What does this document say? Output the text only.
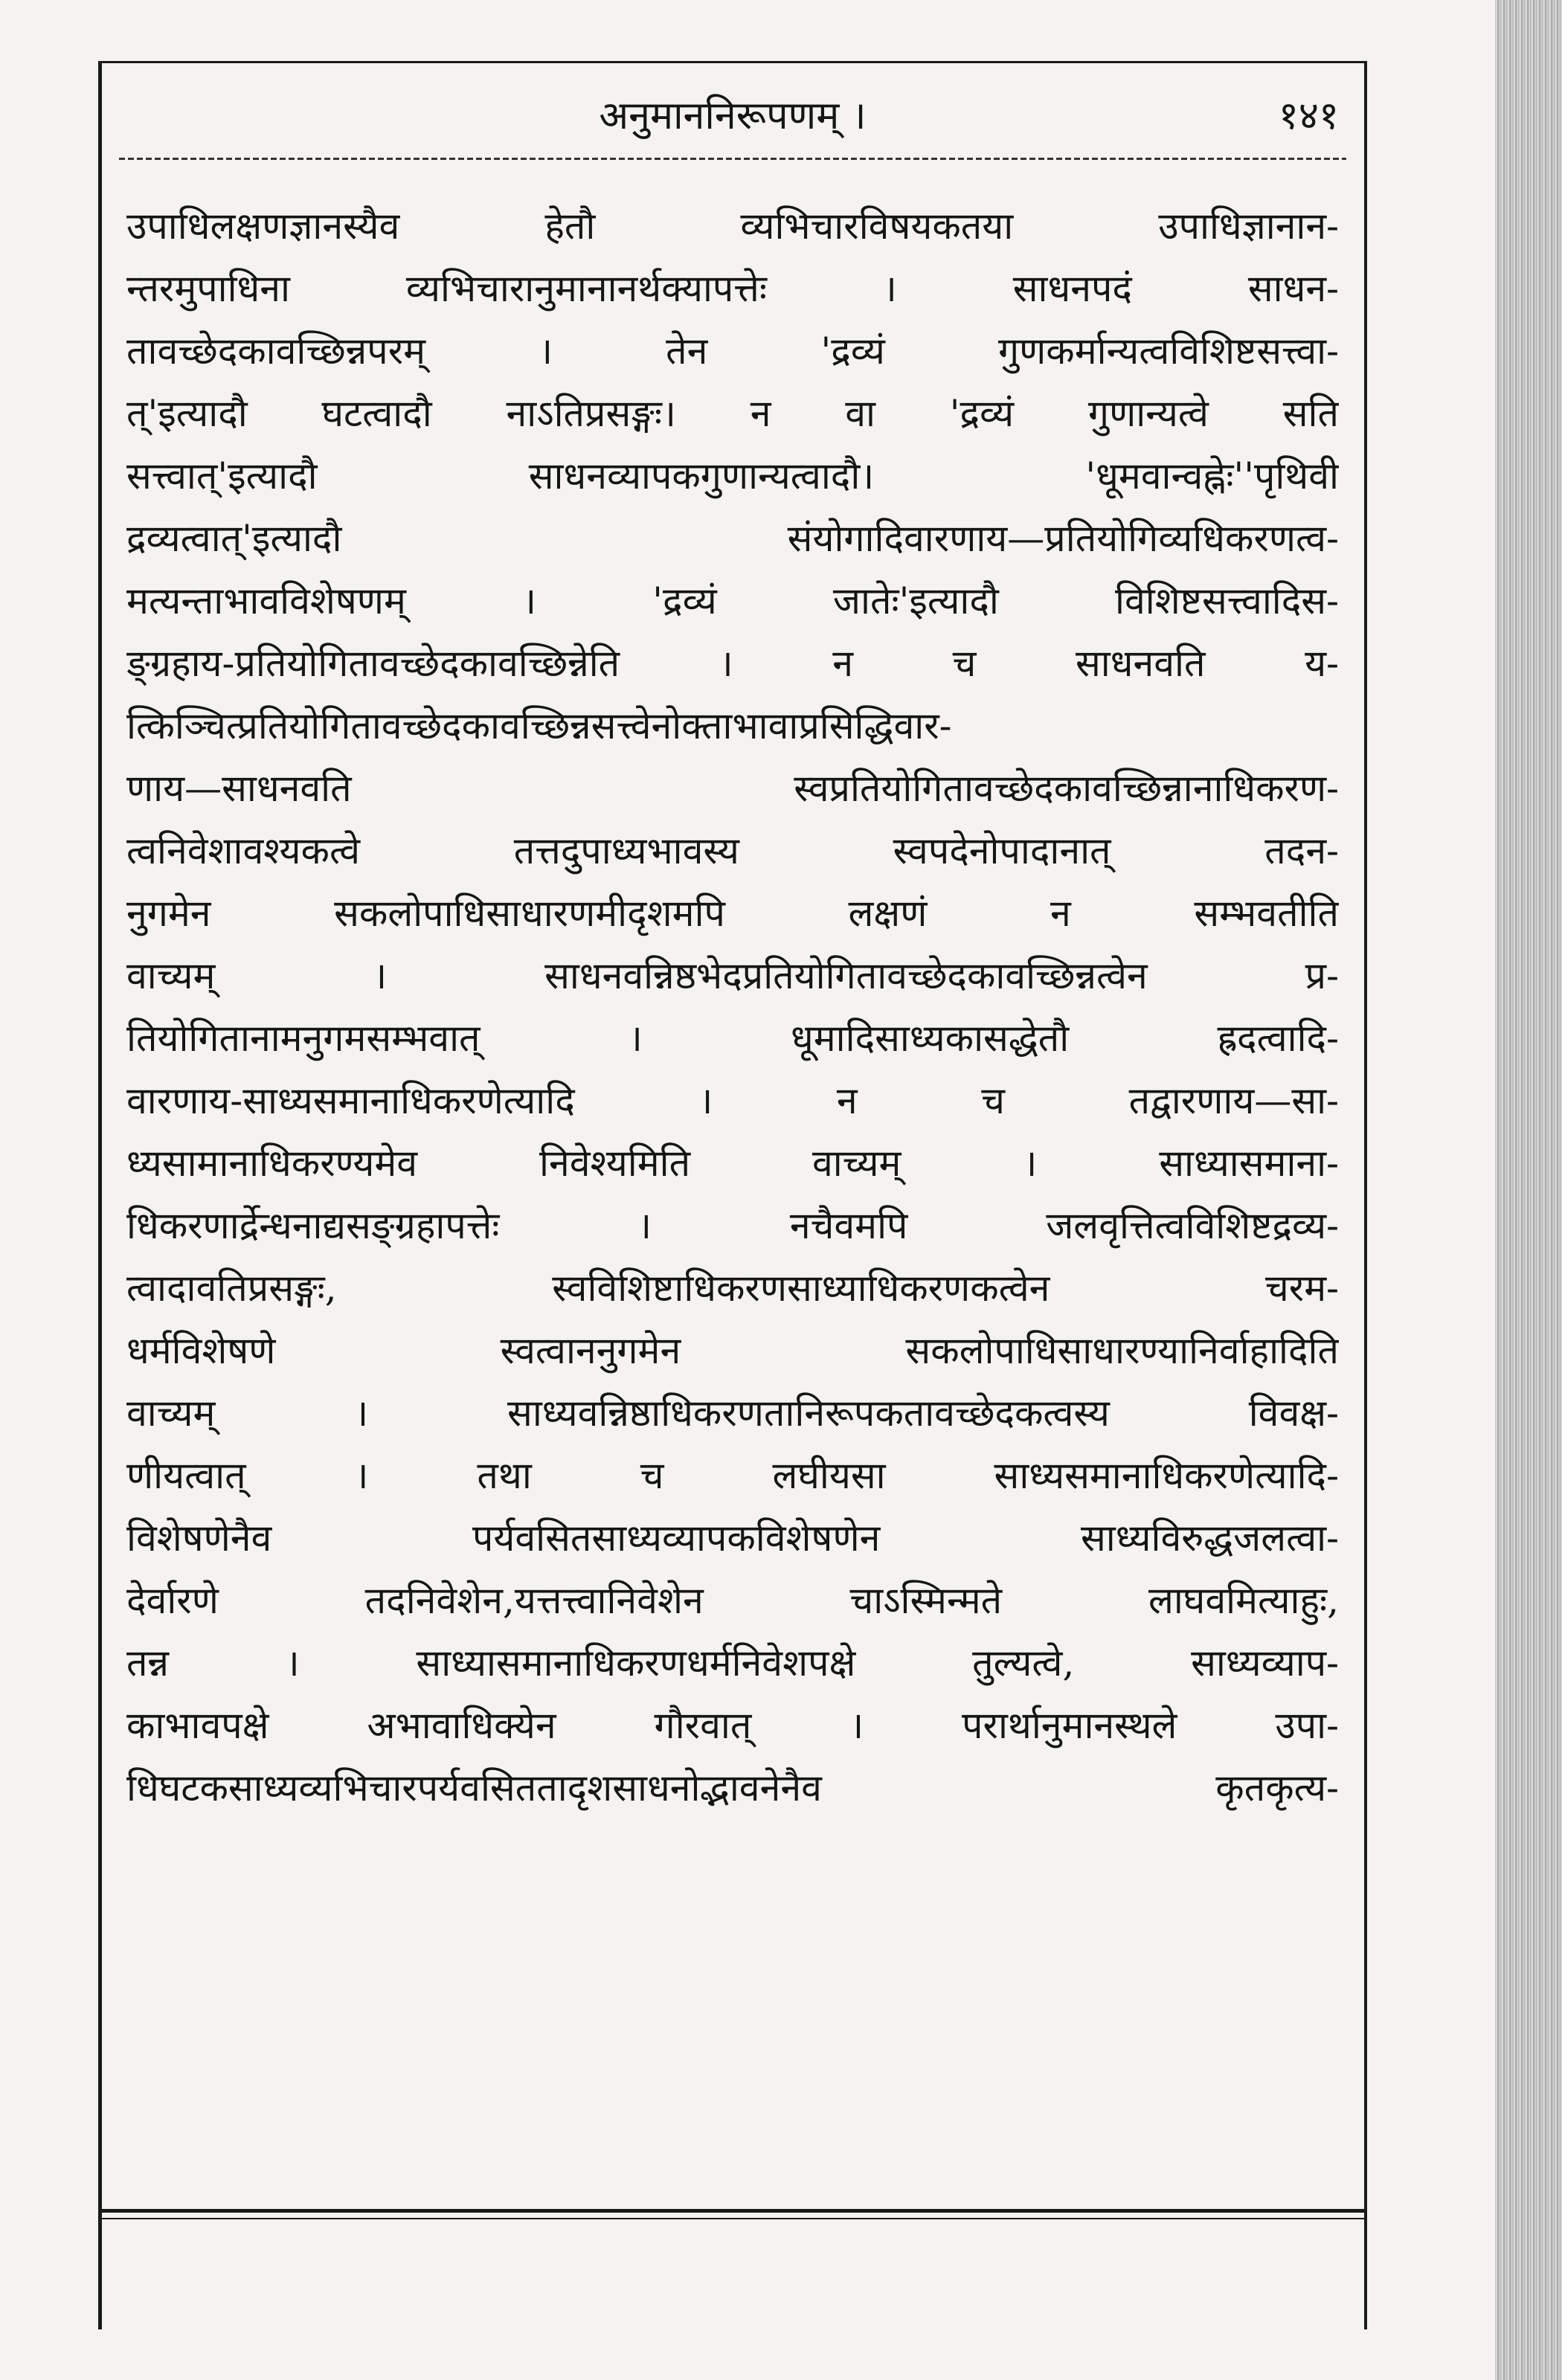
अनुमाननिरूपणम् ।	१४१
उपाधिलक्षणज्ञानस्यैव हेतौ व्यभिचारविषयकतया उपाधिज्ञानान-
न्तरमुपाधिना व्यभिचारानुमानानर्थक्यापत्तेः । साधनपदं साधन-
तावच्छेदकावच्छिन्नपरम् । तेन 'द्रव्यं गुणकर्मान्यत्वविशिष्टसत्त्वा-
त्'इत्यादौ घटत्वादौ नाऽतिप्रसङ्गः। न वा 'द्रव्यं गुणान्यत्वे सति
सत्त्वात्'इत्यादौ साधनव्यापकगुणान्यत्वादौ। 'धूमवान्वह्नेः''पृथिवी
द्रव्यत्वात्'इत्यादौ संयोगादिवारणाय—प्रतियोगिव्यधिकरणत्व-
मत्यन्ताभावविशेषणम् । 'द्रव्यं जातेः'इत्यादौ विशिष्टसत्त्वादिस-
ङ्ग्रहाय-प्रतियोगितावच्छेदकावच्छिन्नेति । न च साधनवति य-
त्किञ्चित्प्रतियोगितावच्छेदकावच्छिन्नसत्त्वेनोक्ताभावाप्रसिद्धिवार-
णाय—साधनवति स्वप्रतियोगितावच्छेदकावच्छिन्नानाधिकरण-
त्वनिवेशावश्यकत्वे तत्तदुपाध्यभावस्य स्वपदेनोपादानात् तदन-
नुगमेन सकलोपाधिसाधारणमीदृशमपि लक्षणं न सम्भवतीति
वाच्यम् । साधनवन्निष्ठभेदप्रतियोगितावच्छेदकावच्छिन्नत्वेन प्र-
तियोगितानामनुगमसम्भवात् । धूमादिसाध्यकासद्धेतौ ह्रदत्वादि-
वारणाय-साध्यसमानाधिकरणेत्यादि । न च तद्वारणाय—सा-
ध्यसामानाधिकरण्यमेव निवेश्यमिति वाच्यम् । साध्यासमाना-
धिकरणार्द्रेन्धनाद्यसङ्ग्रहापत्तेः । नचैवमपि जलवृत्तित्वविशिष्टद्रव्य-
त्वादावतिप्रसङ्गः, स्वविशिष्टाधिकरणसाध्याधिकरणकत्वेन चरम-
धर्मविशेषणे स्वत्वाननुगमेन सकलोपाधिसाधारण्यानिर्वाहादिति
वाच्यम् । साध्यवन्निष्ठाधिकरणतानिरूपकतावच्छेदकत्वस्य विवक्ष-
णीयत्वात् । तथा च लघीयसा साध्यसमानाधिकरणेत्यादि-
विशेषणेनैव पर्यवसितसाध्यव्यापकविशेषणेन साध्यविरुद्धजलत्वा-
देर्वारणे तदनिवेशेन,यत्तत्त्वानिवेशेन चाऽस्मिन्मते लाघवमित्याहुः,
तन्न । साध्यासमानाधिकरणधर्मनिवेशपक्षे तुल्यत्वे, साध्यव्याप-
काभावपक्षे अभावाधिक्येन गौरवात् । परार्थानुमानस्थले उपा-
धिघटकसाध्यव्यभिचारपर्यवसिततादृशसाधनोद्भावनेनैव कृतकृत्य-
